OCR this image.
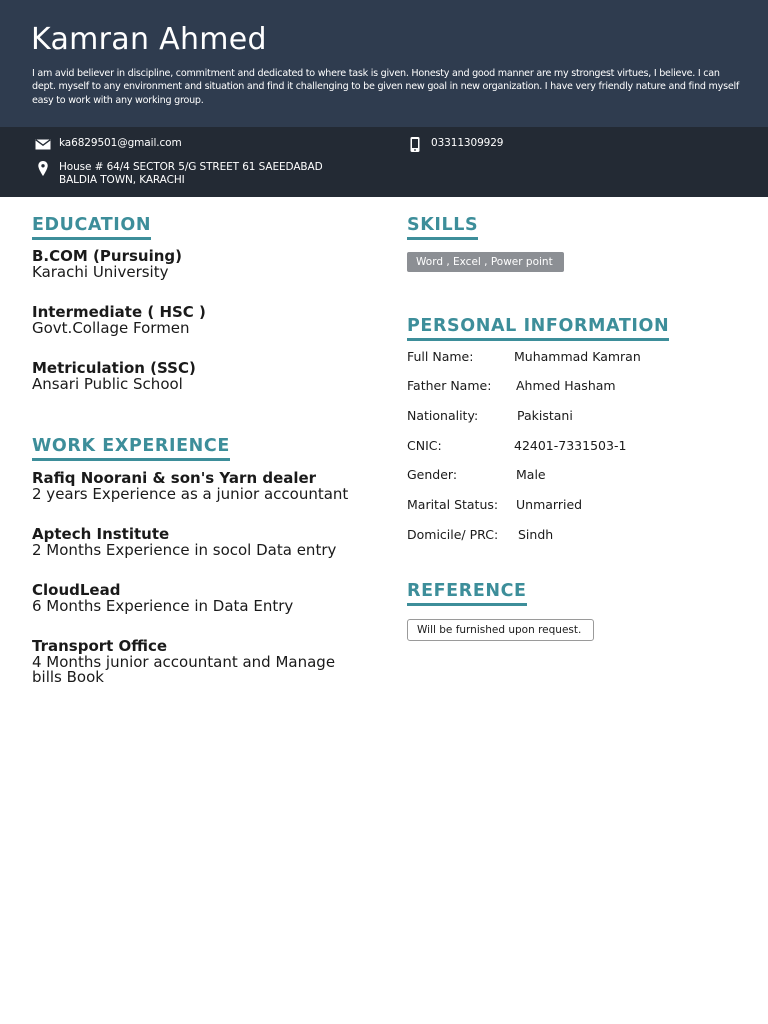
Kamran Ahmed
I am avid believer in discipline, commitment and dedicated to where task is given. Honesty and good manner are my strongest virtues, I believe. I can dept. myself to any environment and situation and find it challenging to be given new goal in new organization. I have very friendly nature and find myself easy to work with any working group.
ka6829501@gmail.com	03311309929
House # 64/4 SECTOR 5/G STREET 61 SAEEDABAD
BALDIA TOWN, KARACHI
EDUCATION
B.COM (Pursuing)
Karachi University
Intermediate ( HSC )
Govt.Collage Formen
Metriculation (SSC)
Ansari Public School
WORK EXPERIENCE
Rafiq Noorani & son's Yarn dealer
2 years Experience as a junior accountant
Aptech Institute
2 Months Experience in socol Data entry
CloudLead
6 Months Experience in Data Entry
Transport Office
4 Months junior accountant and Manage bills Book
SKILLS
Word , Excel , Power point
PERSONAL INFORMATION
Full Name:	Muhammad Kamran
Father Name: Ahmed Hasham
Nationality:	Pakistani
CNIC:	42401-7331503-1
Gender:	Male
Marital Status: Unmarried
Domicile/ PRC: Sindh
REFERENCE
Will be furnished upon request.
